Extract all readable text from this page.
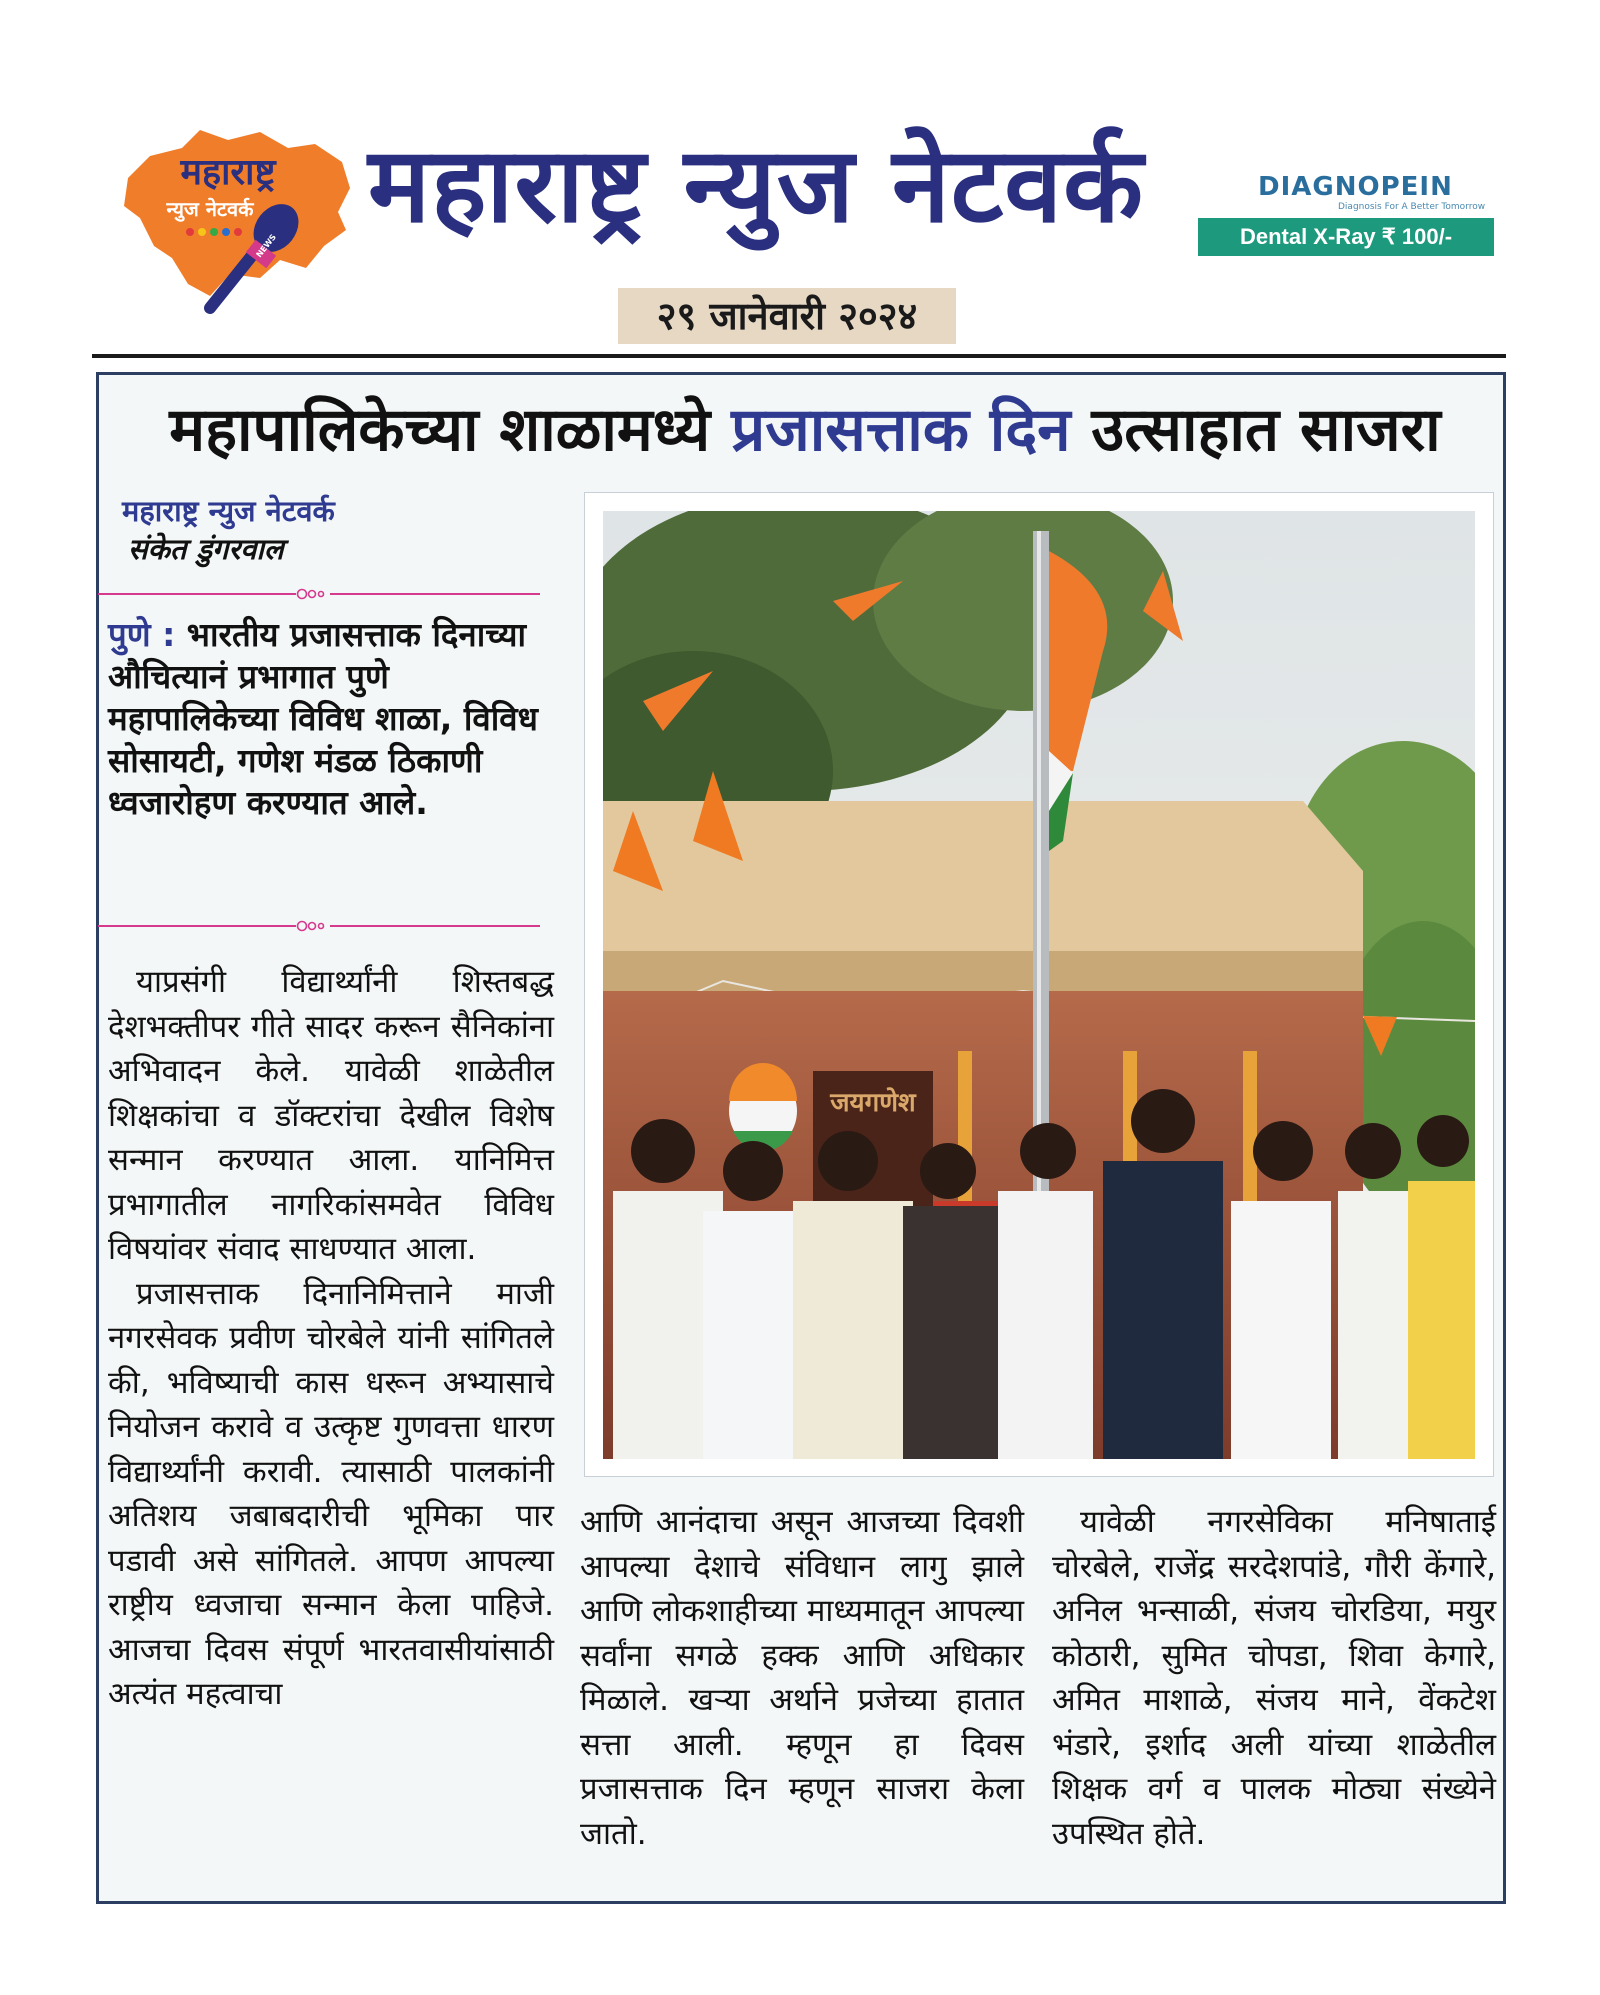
महाराष्ट्र
न्युज नेटवर्क
NEWS महाराष्ट्र न्युज नेटवर्क
२९ जानेवारी २०२४
DIAGNOPEIN
Diagnosis For A Better Tomorrow
Dental X-Ray ₹ 100/-
महापालिकेच्या शाळामध्ये प्रजासत्ताक दिन उत्साहात साजरा
महाराष्ट्र न्युज नेटवर्क
संकेत डुंगरवाल
पुणे : भारतीय प्रजासत्ताक दिनाच्या औचित्यानं प्रभागात पुणे महापालिकेच्या विविध शाळा, विविध सोसायटी, गणेश मंडळ ठिकाणी ध्वजारोहण करण्यात आले.

याप्रसंगी विद्यार्थ्यांनी शिस्तबद्ध देशभक्तीपर गीते सादर करून सैनिकांना अभिवादन केले. यावेळी शाळेतील शिक्षकांचा व डॉक्टरांचा देखील विशेष सन्मान करण्यात आला. यानिमित्त प्रभागातील नागरिकांसमवेत विविध विषयांवर संवाद साधण्यात आला.

प्रजासत्ताक दिनानिमित्ताने माजी नगरसेवक प्रवीण चोरबेले यांनी सांगितले की, भविष्याची कास धरून अभ्यासाचे नियोजन करावे व उत्कृष्ट गुणवत्ता धारण विद्यार्थ्यांनी करावी. त्यासाठी पालकांनी अतिशय जबाबदारीची भूमिका पार पडावी असे सांगितले. आपण आपल्या राष्ट्रीय ध्वजाचा सन्मान केला पाहिजे. आजचा दिवस संपूर्ण भारतवासीयांसाठी अत्यंत महत्वाचा

जयगणेश

आणि आनंदाचा असून आजच्या दिवशी आपल्या देशाचे संविधान लागु झाले आणि लोकशाहीच्या माध्यमातून आपल्या सर्वांना सगळे हक्क आणि अधिकार मिळाले. खऱ्या अर्थाने प्रजेच्या हातात सत्ता आली. म्हणून हा दिवस प्रजासत्ताक दिन म्हणून साजरा केला जातो.

यावेळी नगरसेविका मनिषाताई चोरबेले, राजेंद्र सरदेशपांडे, गौरी केंगारे, अनिल भन्साळी, संजय चोरडिया, मयुर कोठारी, सुमित चोपडा, शिवा केगारे, अमित माशाळे, संजय माने, वेंकटेश भंडारे, इर्शाद अली यांच्या शाळेतील शिक्षक वर्ग व पालक मोठ्या संख्येने उपस्थित होते.
